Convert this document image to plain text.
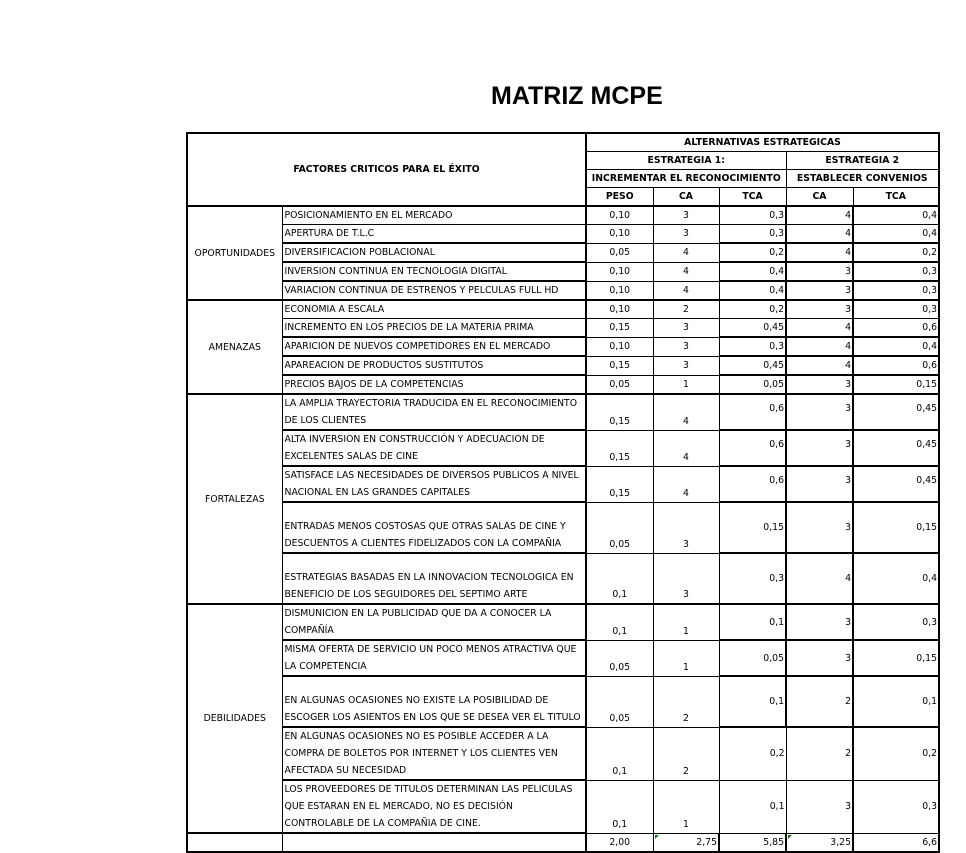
MATRIZ MCPE
FACTORES CRITICOS PARA EL ÉXITO		ALTERNATIVAS ESTRATEGICAS				
		ESTRATEGIA 1:			ESTRATEGIA 2	
		INCREMENTAR EL RECONOCIMIENTO			ESTABLECER CONVENIOS	
		PESO	CA	TCA	CA	TCA
OPORTUNIDADES	POSICIONAMIENTO EN EL MERCADO	0,10	3	0,3	4	0,4
	APERTURA DE T.L.C	0,10	3	0,3	4	0,4
	DIVERSIFICACION POBLACIONAL	0,05	4	0,2	4	0,2
	INVERSION CONTINUA EN TECNOLOGIA DIGITAL	0,10	4	0,4	3	0,3
	VARIACION CONTINUA DE ESTRENOS Y PELCULAS FULL HD	0,10	4	0,4	3	0,3
AMENAZAS	ECONOMIA A ESCALA	0,10	2	0,2	3	0,3
	INCREMENTO EN LOS PRECIOS DE LA MATERIA PRIMA	0,15	3	0,45	4	0,6
	APARICION DE NUEVOS COMPETIDORES EN EL MERCADO	0,10	3	0,3	4	0,4
	APAREACION DE PRODUCTOS SUSTITUTOS	0,15	3	0,45	4	0,6
	PRECIOS BAJOS DE LA COMPETENCIAS	0,05	1	0,05	3	0,15
FORTALEZAS	LA AMPLIA TRAYECTORIA TRADUCIDA EN EL RECONOCIMIENTO DE LOS CLIENTES	0,15	4	0,6	3	0,45
	ALTA INVERSION EN CONSTRUCCIÓN Y ADECUACION DE EXCELENTES SALAS DE CINE	0,15	4	0,6	3	0,45
	SATISFACE LAS NECESIDADES DE DIVERSOS PUBLICOS A NIVEL NACIONAL EN LAS GRANDES CAPITALES	0,15	4	0,6	3	0,45
	ENTRADAS MENOS COSTOSAS QUE OTRAS SALAS DE CINE Y DESCUENTOS A CLIENTES FIDELIZADOS CON LA COMPAÑIA	0,05	3	0,15	3	0,15
	ESTRATEGIAS BASADAS EN LA INNOVACION TECNOLOGICA EN BENEFICIO DE LOS SEGUIDORES DEL SEPTIMO ARTE	0,1	3	0,3	4	0,4
DEBILIDADES	DISMUNICION EN LA PUBLICIDAD QUE DA A CONOCER LA COMPAÑÍA	0,1	1	0,1	3	0,3
	MISMA OFERTA DE SERVICIO UN POCO MENOS ATRACTIVA QUE LA COMPETENCIA	0,05	1	0,05	3	0,15
	EN ALGUNAS OCASIONES NO EXISTE LA POSIBILIDAD DE ESCOGER LOS ASIENTOS EN LOS QUE SE DESEA VER EL TITULO	0,05	2	0,1	2	0,1
	EN ALGUNAS OCASIONES NO ES POSIBLE ACCEDER A LA COMPRA DE BOLETOS POR INTERNET Y LOS CLIENTES VEN AFECTADA SU NECESIDAD	0,1	2	0,2	2	0,2
	LOS PROVEEDORES DE TITULOS DETERMINAN LAS PELICULAS QUE ESTARAN EN EL MERCADO, NO ES DECISIÓN CONTROLABLE DE LA COMPAÑIA DE CINE.	0,1	1	0,1	3	0,3
		2,00	2,75	5,85	3,25	6,6
